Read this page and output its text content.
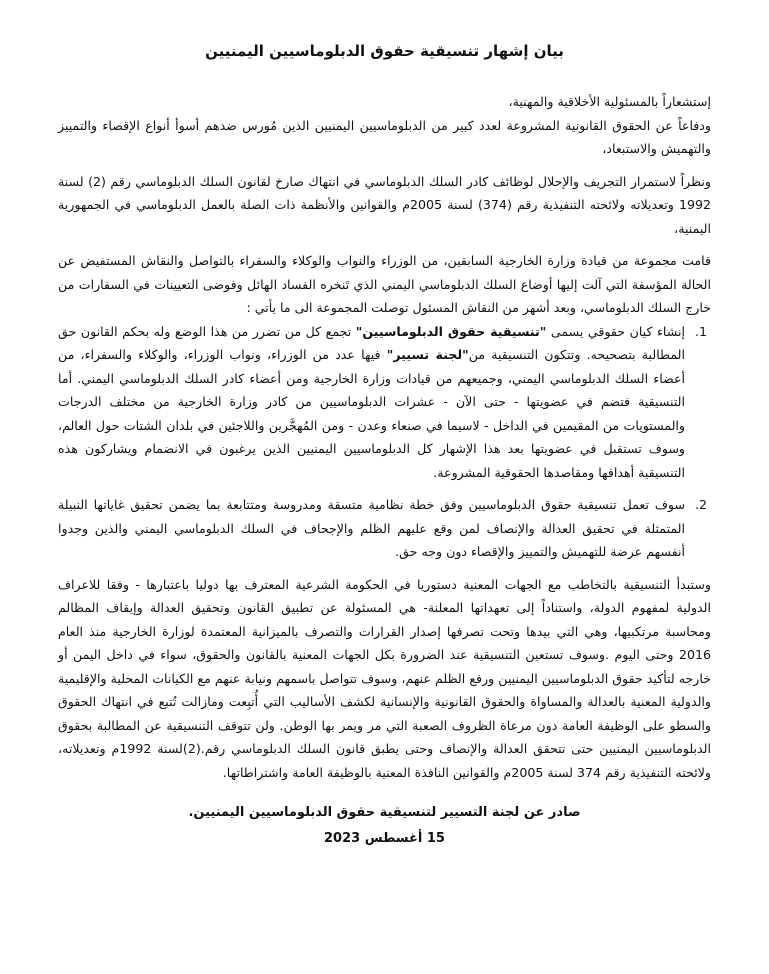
بيان إشهار تنسيقية حقوق الدبلوماسيين اليمنيين

إستشعاراً بالمسئولية الأخلاقية والمهنية،

ودفاعاً عن الحقوق القانونية المشروعة لعدد كبير من الدبلوماسيين اليمنيين الذين مُورس ضدهم أسوأ أنواع الإقصاء والتمييز والتهميش والاستبعاد،

ونظراً لاستمرار التجريف والإحلال لوظائف كادر السلك الدبلوماسي في انتهاك صارخ لقانون السلك الدبلوماسي رقم (2) لسنة 1992 وتعديلاته ولائحته التنفيذية رقم (374) لسنة 2005م والقوانين والأنظمة ذات الصلة بالعمل الدبلوماسي في الجمهورية اليمنية،

قامت مجموعة من قيادة وزارة الخارجية السابقين، من الوزراء والنواب والوكلاء والسفراء بالتواصل والنقاش المستفيض عن الحالة المؤسفة التي آلت إليها أوضاع السلك الدبلوماسي اليمني الذي تَنخره الفساد الهائل وفوضى التعيينات في السفارات من خارج السلك الدبلوماسي، وبعد أشهر من النقاش المسئول توصلت المجموعة الى ما يأتي :

1. إنشاء كيان حقوقي يسمى "تنسيقية حقوق الدبلوماسيين" تجمع كل من تضرر من هذا الوضع وله بحكم القانون حق المطالبة بتصحيحه. وتتكون التنسيقية من"لجنة تسيير" فيها عدد من الوزراء، ونواب الوزراء، والوكلاء والسفراء، من أعضاء السلك الدبلوماسي اليمني، وجميعهم من قيادات وزارة الخارجية ومن أعضاء كادر السلك الدبلوماسي اليمني. أما التنسيقية فتضم في عضويتها - حتى الآن - عشرات الدبلوماسيين من كادر وزارة الخارجية من مختلف الدرجات والمستويات من المقيمين في الداخل - لاسيما في صنعاء وعدن - ومن المُهجَّرين واللاجئين في بلدان الشتات حول العالم، وسوف تستقبل في عضويتها بعد هذا الإشهار كل الدبلوماسيين اليمنيين الذين يرغبون في الانضمام ويشاركون هذه التنسيقية أهدافها ومقاصدها الحقوقية المشروعة.
2. سوف تعمل تنسيقية حقوق الدبلوماسيين وفق خطة نظامية متسقة ومدروسة ومتتابعة بما يضمن تحقيق غاياتها النبيلة المتمثلة في تحقيق العدالة والإنصاف لمن وقع عليهم الظلم والإجحاف في السلك الدبلوماسي اليمني والذين وجدوا أنفسهم عرضة للتهميش والتمييز والإقصاء دون وجه حق.

وستبدأ التنسيقية بالتخاطب مع الجهات المعنية دستوريا في الحكومة الشرعية المعترف بها دوليا باعتبارها - وفقا للاعراف الدولية لمفهوم الدولة، واستناداً إلى تعهداتها المعلنة- هي المسئولة عن تطبيق القانون وتحقيق العدالة وإيقاف المظالم ومحاسبة مرتكبيها، وهي التي بيدها وتحت تصرفها إصدار القرارات والتصرف بالميزانية المعتمدة لوزارة الخارجية منذ العام 2016 وحتى اليوم .وسوف تستعين التنسيقية عند الضرورة بكل الجهات المعنية بالقانون والحقوق، سواء في داخل اليمن أو خارجه لتأكيد حقوق الدبلوماسيين اليمنيين ورفع الظلم عنهم، وسوف تتواصل باسمهم ونيابة عنهم مع الكيانات المحلية والإقليمية والدولية المعنية بالعدالة والمساواة والحقوق القانونية والإنسانية لكشف الأساليب التي أُتبِعت ومازالت تُتبع في انتهاك الحقوق والسطو على الوظيفة العامة دون مرعاة الظروف الصعبة التي مر ويمر بها الوطن. ولن تتوقف التنسيقية عن المطالبة بحقوق الدبلوماسيين اليمنيين حتى تتحقق العدالة والإنصاف وحتى يطبق قانون السلك الدبلوماسي رقم.(2)لسنة 1992م وتعديلاته، ولائحته التنفيذية رقم 374 لسنة 2005م والقوانين النافذة المعنية بالوظيفة العامة واشتراطاتها.

صادر عن لجنة التسيير لتنسيقية حقوق الدبلوماسيين اليمنيين.
15 أغسطس 2023
